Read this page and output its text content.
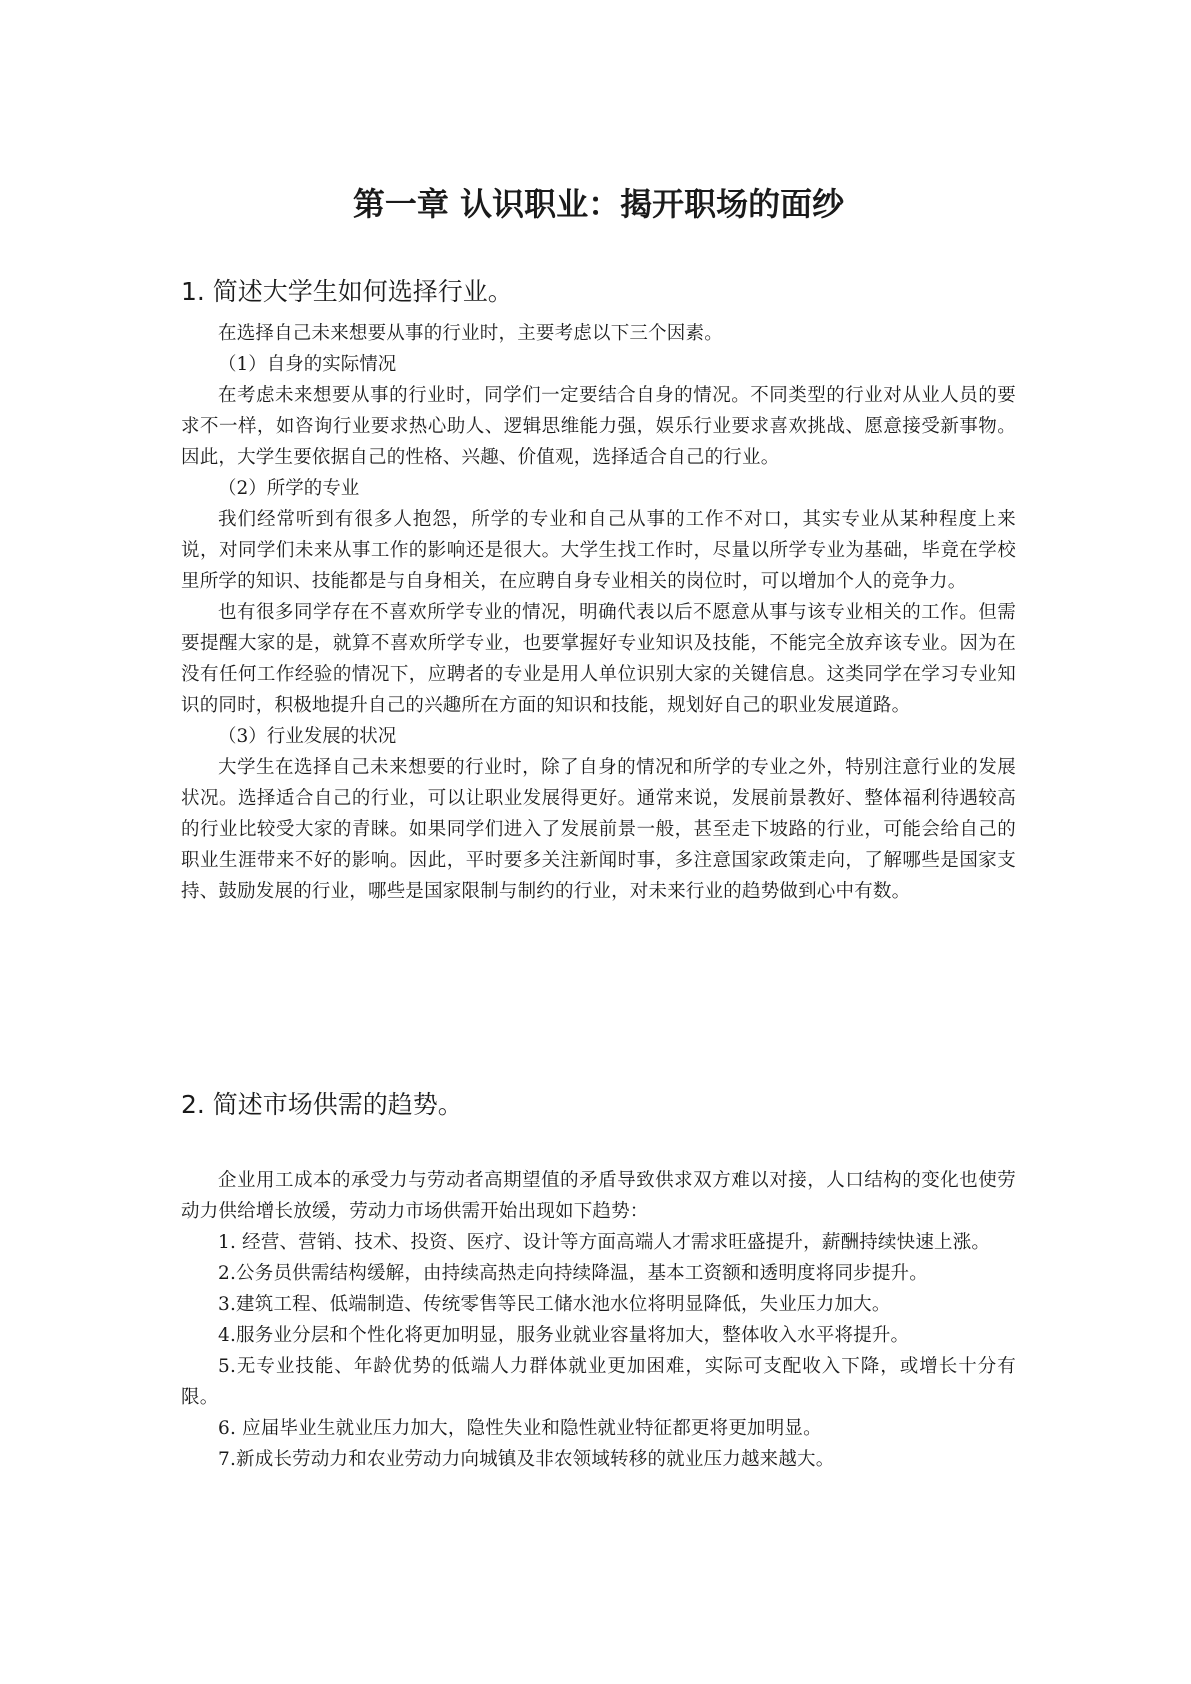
第一章 认识职业：揭开职场的面纱
1. 简述大学生如何选择行业。

在选择自己未来想要从事的行业时，主要考虑以下三个因素。

（1）自身的实际情况

在考虑未来想要从事的行业时，同学们一定要结合自身的情况。不同类型的行业对从业人员的要求不一样，如咨询行业要求热心助人、逻辑思维能力强，娱乐行业要求喜欢挑战、愿意接受新事物。因此，大学生要依据自己的性格、兴趣、价值观，选择适合自己的行业。

（2）所学的专业

我们经常听到有很多人抱怨，所学的专业和自己从事的工作不对口，其实专业从某种程度上来说，对同学们未来从事工作的影响还是很大。大学生找工作时，尽量以所学专业为基础，毕竟在学校里所学的知识、技能都是与自身相关，在应聘自身专业相关的岗位时，可以增加个人的竞争力。

也有很多同学存在不喜欢所学专业的情况，明确代表以后不愿意从事与该专业相关的工作。但需要提醒大家的是，就算不喜欢所学专业，也要掌握好专业知识及技能，不能完全放弃该专业。因为在没有任何工作经验的情况下，应聘者的专业是用人单位识别大家的关键信息。这类同学在学习专业知识的同时，积极地提升自己的兴趣所在方面的知识和技能，规划好自己的职业发展道路。

（3）行业发展的状况

大学生在选择自己未来想要的行业时，除了自身的情况和所学的专业之外，特别注意行业的发展状况。选择适合自己的行业，可以让职业发展得更好。通常来说，发展前景教好、整体福利待遇较高的行业比较受大家的青睐。如果同学们进入了发展前景一般，甚至走下坡路的行业，可能会给自己的职业生涯带来不好的影响。因此，平时要多关注新闻时事，多注意国家政策走向，了解哪些是国家支持、鼓励发展的行业，哪些是国家限制与制约的行业，对未来行业的趋势做到心中有数。

2. 简述市场供需的趋势。

企业用工成本的承受力与劳动者高期望值的矛盾导致供求双方难以对接，人口结构的变化也使劳动力供给增长放缓，劳动力市场供需开始出现如下趋势：

1. 经营、营销、技术、投资、医疗、设计等方面高端人才需求旺盛提升，薪酬持续快速上涨。

2.公务员供需结构缓解，由持续高热走向持续降温，基本工资额和透明度将同步提升。

3.建筑工程、低端制造、传统零售等民工储水池水位将明显降低，失业压力加大。

4.服务业分层和个性化将更加明显，服务业就业容量将加大，整体收入水平将提升。

5.无专业技能、年龄优势的低端人力群体就业更加困难，实际可支配收入下降，或增长十分有限。

6. 应届毕业生就业压力加大，隐性失业和隐性就业特征都更将更加明显。

7.新成长劳动力和农业劳动力向城镇及非农领域转移的就业压力越来越大。
